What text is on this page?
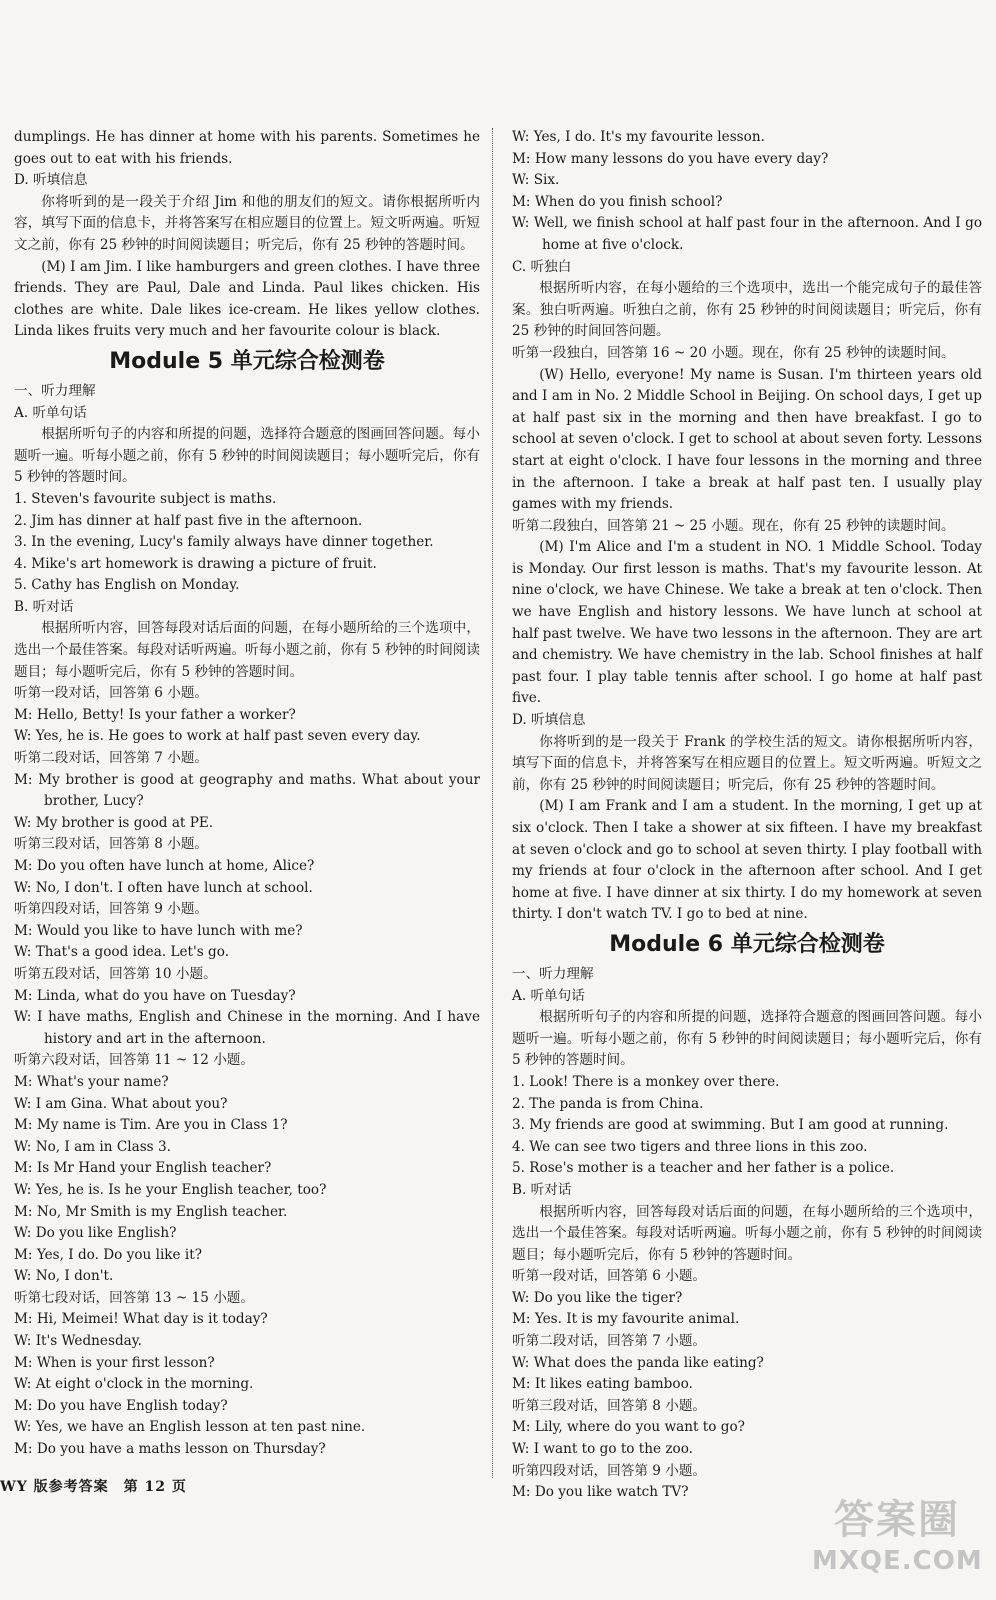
dumplings. He has dinner at home with his parents. Sometimes he goes out to eat with his friends.

D. 听填信息

你将听到的是一段关于介绍 Jim 和他的朋友们的短文。请你根据所听内容，填写下面的信息卡，并将答案写在相应题目的位置上。短文听两遍。听短文之前，你有 25 秒钟的时间阅读题目；听完后，你有 25 秒钟的答题时间。

(M) I am Jim. I like hamburgers and green clothes. I have three friends. They are Paul, Dale and Linda. Paul likes chicken. His clothes are white. Dale likes ice-cream. He likes yellow clothes. Linda likes fruits very much and her favourite colour is black.

Module 5 单元综合检测卷

一、听力理解

A. 听单句话

根据所听句子的内容和所提的问题，选择符合题意的图画回答问题。每小题听一遍。听每小题之前，你有 5 秒钟的时间阅读题目；每小题听完后，你有 5 秒钟的答题时间。

1. Steven's favourite subject is maths.

2. Jim has dinner at half past five in the afternoon.

3. In the evening, Lucy's family always have dinner together.

4. Mike's art homework is drawing a picture of fruit.

5. Cathy has English on Monday.

B. 听对话

根据所听内容，回答每段对话后面的问题，在每小题所给的三个选项中，选出一个最佳答案。每段对话听两遍。听每小题之前，你有 5 秒钟的时间阅读题目；每小题听完后，你有 5 秒钟的答题时间。

听第一段对话，回答第 6 小题。

M: Hello, Betty! Is your father a worker?

W: Yes, he is. He goes to work at half past seven every day.

听第二段对话，回答第 7 小题。

M: My brother is good at geography and maths. What about your brother, Lucy?

W: My brother is good at PE.

听第三段对话，回答第 8 小题。

M: Do you often have lunch at home, Alice?

W: No, I don't. I often have lunch at school.

听第四段对话，回答第 9 小题。

M: Would you like to have lunch with me?

W: That's a good idea. Let's go.

听第五段对话，回答第 10 小题。

M: Linda, what do you have on Tuesday?

W: I have maths, English and Chinese in the morning. And I have history and art in the afternoon.

听第六段对话，回答第 11 ~ 12 小题。

M: What's your name?

W: I am Gina. What about you?

M: My name is Tim. Are you in Class 1?

W: No, I am in Class 3.

M: Is Mr Hand your English teacher?

W: Yes, he is. Is he your English teacher, too?

M: No, Mr Smith is my English teacher.

W: Do you like English?

M: Yes, I do. Do you like it?

W: No, I don't.

听第七段对话，回答第 13 ~ 15 小题。

M: Hi, Meimei! What day is it today?

W: It's Wednesday.

M: When is your first lesson?

W: At eight o'clock in the morning.

M: Do you have English today?

W: Yes, we have an English lesson at ten past nine.

M: Do you have a maths lesson on Thursday?

W: Yes, I do. It's my favourite lesson.

M: How many lessons do you have every day?

W: Six.

M: When do you finish school?

W: Well, we finish school at half past four in the afternoon. And I go home at five o'clock.

C. 听独白

根据所听内容，在每小题给的三个选项中，选出一个能完成句子的最佳答案。独白听两遍。听独白之前，你有 25 秒钟的时间阅读题目；听完后，你有 25 秒钟的时间回答问题。

听第一段独白，回答第 16 ~ 20 小题。现在，你有 25 秒钟的读题时间。

(W) Hello, everyone! My name is Susan. I'm thirteen years old and I am in No. 2 Middle School in Beijing. On school days, I get up at half past six in the morning and then have breakfast. I go to school at seven o'clock. I get to school at about seven forty. Lessons start at eight o'clock. I have four lessons in the morning and three in the afternoon. I take a break at half past ten. I usually play games with my friends.

听第二段独白，回答第 21 ~ 25 小题。现在，你有 25 秒钟的读题时间。

(M) I'm Alice and I'm a student in NO. 1 Middle School. Today is Monday. Our first lesson is maths. That's my favourite lesson. At nine o'clock, we have Chinese. We take a break at ten o'clock. Then we have English and history lessons. We have lunch at school at half past twelve. We have two lessons in the afternoon. They are art and chemistry. We have chemistry in the lab. School finishes at half past four. I play table tennis after school. I go home at half past five.

D. 听填信息

你将听到的是一段关于 Frank 的学校生活的短文。请你根据所听内容，填写下面的信息卡，并将答案写在相应题目的位置上。短文听两遍。听短文之前，你有 25 秒钟的时间阅读题目；听完后，你有 25 秒钟的答题时间。

(M) I am Frank and I am a student. In the morning, I get up at six o'clock. Then I take a shower at six fifteen. I have my breakfast at seven o'clock and go to school at seven thirty. I play football with my friends at four o'clock in the afternoon after school. And I get home at five. I have dinner at six thirty. I do my homework at seven thirty. I don't watch TV. I go to bed at nine.

Module 6 单元综合检测卷

一、听力理解

A. 听单句话

根据所听句子的内容和所提的问题，选择符合题意的图画回答问题。每小题听一遍。听每小题之前，你有 5 秒钟的时间阅读题目；每小题听完后，你有 5 秒钟的答题时间。

1. Look! There is a monkey over there.

2. The panda is from China.

3. My friends are good at swimming. But I am good at running.

4. We can see two tigers and three lions in this zoo.

5. Rose's mother is a teacher and her father is a police.

B. 听对话

根据所听内容，回答每段对话后面的问题，在每小题所给的三个选项中，选出一个最佳答案。每段对话听两遍。听每小题之前，你有 5 秒钟的时间阅读题目；每小题听完后，你有 5 秒钟的答题时间。

听第一段对话，回答第 6 小题。

W: Do you like the tiger?

M: Yes. It is my favourite animal.

听第二段对话，回答第 7 小题。

W: What does the panda like eating?

M: It likes eating bamboo.

听第三段对话，回答第 8 小题。

M: Lily, where do you want to go?

W: I want to go to the zoo.

听第四段对话，回答第 9 小题。

M: Do you like watch TV?

WY 版参考答案　第 12 页
答案圈
MXQE.COM
